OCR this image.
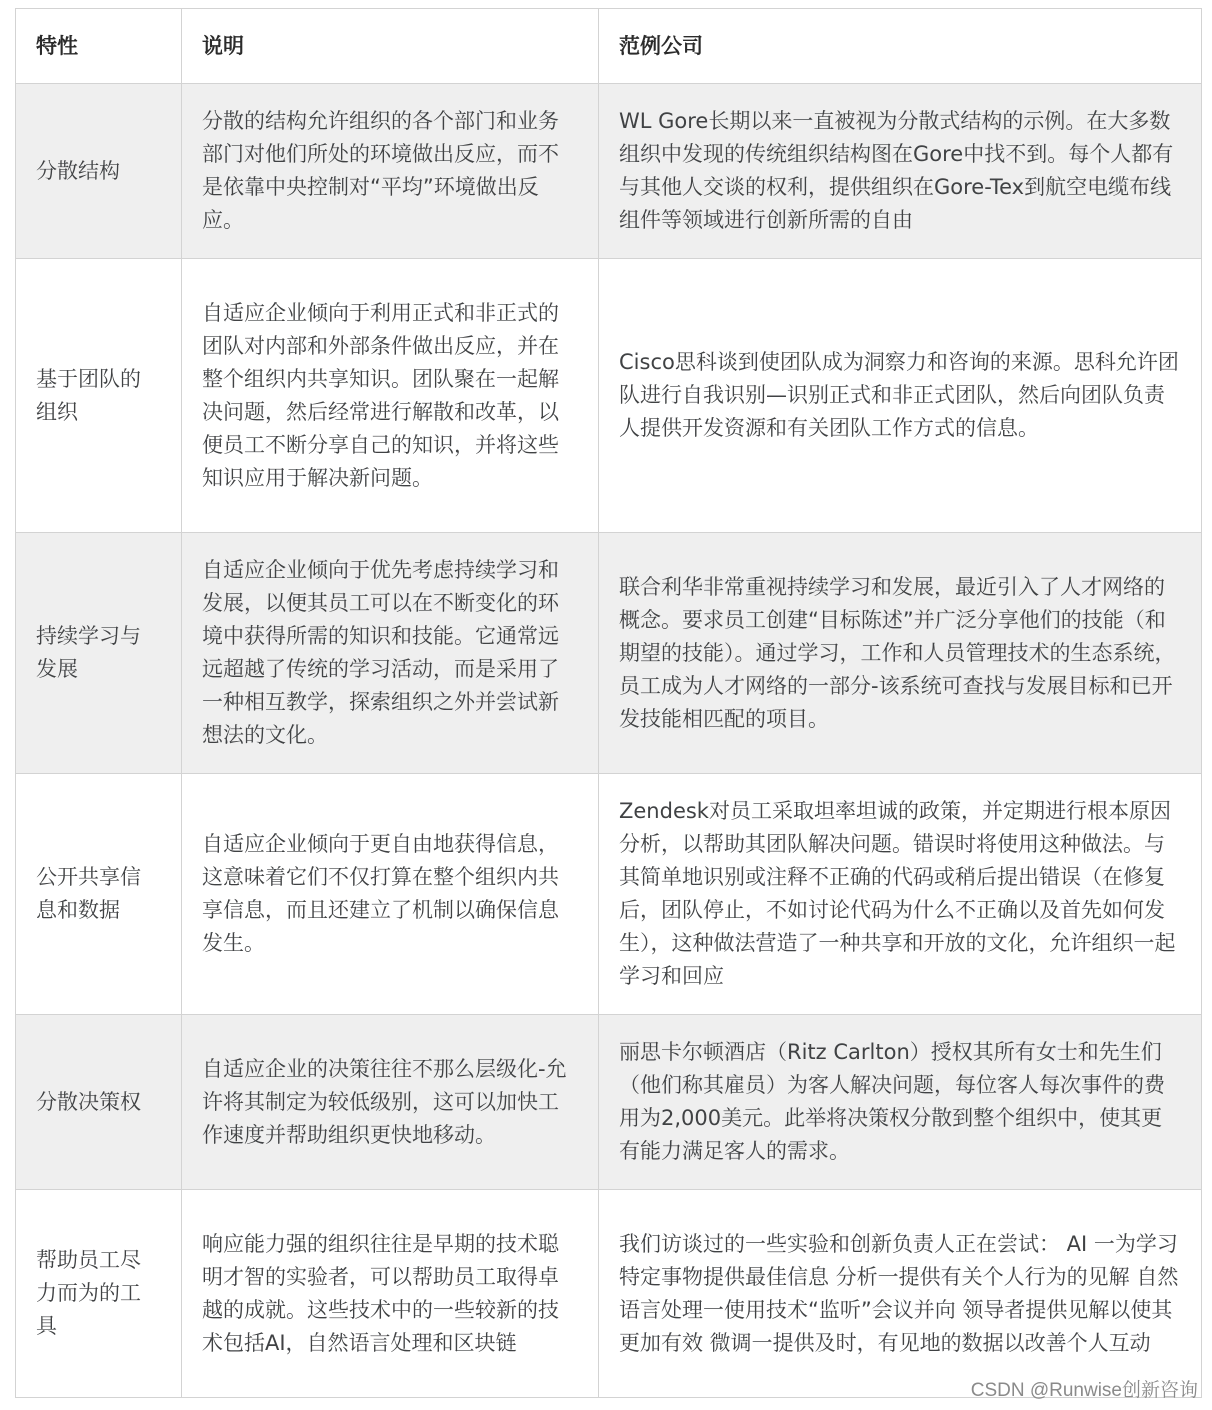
特性	说明	范例公司
分散结构	分散的结构允许组织的各个部门和业务部门对他们所处的环境做出反应，而不是依靠中央控制对“平均”环境做出反应。	WL Gore长期以来一直被视为分散式结构的示例。在大多数组织中发现的传统组织结构图在Gore中找不到。每个人都有与其他人交谈的权利，提供组织在Gore-Tex到航空电缆布线组件等领域进行创新所需的自由
基于团队的组织	自适应企业倾向于利用正式和非正式的团队对内部和外部条件做出反应，并在整个组织内共享知识。团队聚在一起解决问题，然后经常进行解散和改革，以便员工不断分享自己的知识，并将这些知识应用于解决新问题。	Cisco思科谈到使团队成为洞察力和咨询的来源。思科允许团队进行自我识别—识别正式和非正式团队，然后向团队负责人提供开发资源和有关团队工作方式的信息。
持续学习与发展	自适应企业倾向于优先考虑持续学习和发展，以便其员工可以在不断变化的环境中获得所需的知识和技能。它通常远远超越了传统的学习活动，而是采用了一种相互教学，探索组织之外并尝试新想法的文化。	联合利华非常重视持续学习和发展，最近引入了人才网络的概念。要求员工创建“目标陈述”并广泛分享他们的技能（和期望的技能）。通过学习，工作和人员管理技术的生态系统，员工成为人才网络的一部分-该系统可查找与发展目标和已开发技能相匹配的项目。
公开共享信息和数据	自适应企业倾向于更自由地获得信息，这意味着它们不仅打算在整个组织内共享信息，而且还建立了机制以确保信息发生。	Zendesk对员工采取坦率坦诚的政策，并定期进行根本原因分析，以帮助其团队解决问题。错误时将使用这种做法。与其简单地识别或注释不正确的代码或稍后提出错误（在修复后，团队停止，不如讨论代码为什么不正确以及首先如何发生），这种做法营造了一种共享和开放的文化，允许组织一起学习和回应
分散决策权	自适应企业的决策往往不那么层级化-允许将其制定为较低级别，这可以加快工作速度并帮助组织更快地移动。	丽思卡尔顿酒店（Ritz Carlton）授权其所有女士和先生们（他们称其雇员）为客人解决问题，每位客人每次事件的费用为2,000美元。此举将决策权分散到整个组织中，使其更有能力满足客人的需求。
帮助员工尽力而为的工具	响应能力强的组织往往是早期的技术聪明才智的实验者，可以帮助员工取得卓越的成就。这些技术中的一些较新的技术包括AI，自然语言处理和区块链	我们访谈过的一些实验和创新负责人正在尝试： AI 一为学习特定事物提供最佳信息 分析一提供有关个人行为的见解 自然语言处理一使用技术“监听”会议并向 领导者提供见解以使其更加有效 微调一提供及时，有见地的数据以改善个人互动
CSDN @Runwise创新咨询
